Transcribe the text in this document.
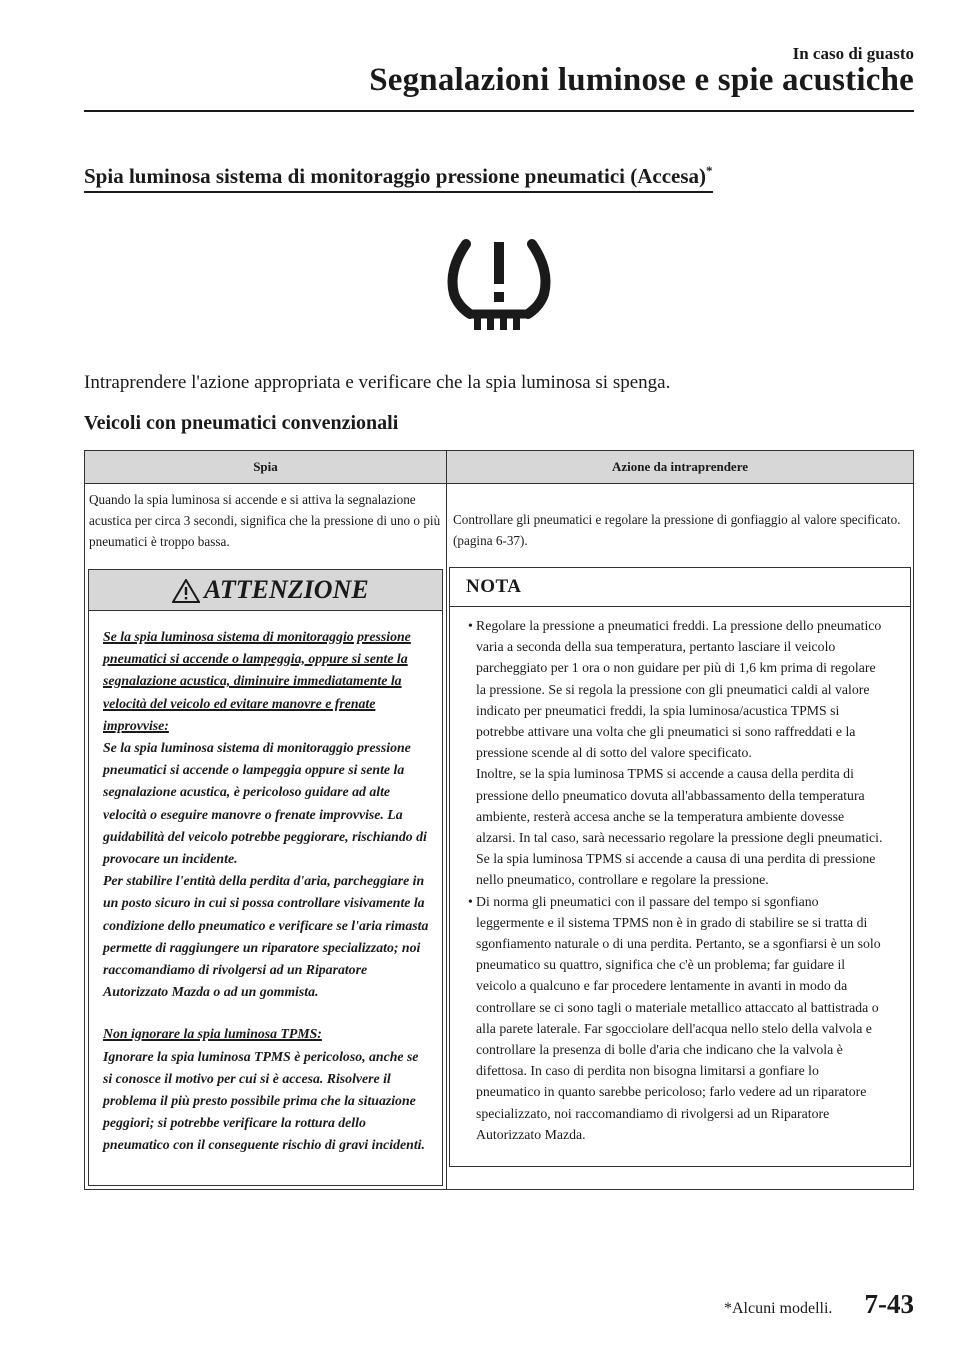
In caso di guasto
Segnalazioni luminose e spie acustiche
Spia luminosa sistema di monitoraggio pressione pneumatici (Accesa)*
Intraprendere l'azione appropriata e verificare che la spia luminosa si spenga.
Veicoli con pneumatici convenzionali
Spia	Azione da intraprendere
Quando la spia luminosa si accende e si attiva la segnalazione acustica per circa 3 secondi, significa che la pressione di uno o più pneumatici è troppo bassa.
Controllare gli pneumatici e regolare la pressione di gonfiaggio al valore specificato. (pagina 6-37).
ATTENZIONE
Se la spia luminosa sistema di monitoraggio pressione pneumatici si accende o lampeggia, oppure si sente la segnalazione acustica, diminuire immediatamente la velocità del veicolo ed evitare manovre e frenate improvvise:
Se la spia luminosa sistema di monitoraggio pressione pneumatici si accende o lampeggia oppure si sente la segnalazione acustica, è pericoloso guidare ad alte velocità o eseguire manovre o frenate improvvise. La guidabilità del veicolo potrebbe peggiorare, rischiando di provocare un incidente.
Per stabilire l'entità della perdita d'aria, parcheggiare in un posto sicuro in cui si possa controllare visivamente la condizione dello pneumatico e verificare se l'aria rimasta permette di raggiungere un riparatore specializzato; noi raccomandiamo di rivolgersi ad un Riparatore Autorizzato Mazda o ad un gommista.
Non ignorare la spia luminosa TPMS:
Ignorare la spia luminosa TPMS è pericoloso, anche se si conosce il motivo per cui si è accesa. Risolvere il problema il più presto possibile prima che la situazione peggiori; si potrebbe verificare la rottura dello pneumatico con il conseguente rischio di gravi incidenti.
NOTA
• Regolare la pressione a pneumatici freddi. La pressione dello pneumatico varia a seconda della sua temperatura, pertanto lasciare il veicolo parcheggiato per 1 ora o non guidare per più di 1,6 km prima di regolare la pressione. Se si regola la pressione con gli pneumatici caldi al valore indicato per pneumatici freddi, la spia luminosa/acustica TPMS si potrebbe attivare una volta che gli pneumatici si sono raffreddati e la pressione scende al di sotto del valore specificato.
Inoltre, se la spia luminosa TPMS si accende a causa della perdita di pressione dello pneumatico dovuta all'abbassamento della temperatura ambiente, resterà accesa anche se la temperatura ambiente dovesse alzarsi. In tal caso, sarà necessario regolare la pressione degli pneumatici. Se la spia luminosa TPMS si accende a causa di una perdita di pressione nello pneumatico, controllare e regolare la pressione.
• Di norma gli pneumatici con il passare del tempo si sgonfiano leggermente e il sistema TPMS non è in grado di stabilire se si tratta di sgonfiamento naturale o di una perdita. Pertanto, se a sgonfiarsi è un solo pneumatico su quattro, significa che c'è un problema; far guidare il veicolo a qualcuno e far procedere lentamente in avanti in modo da controllare se ci sono tagli o materiale metallico attaccato al battistrada o alla parete laterale. Far sgocciolare dell'acqua nello stelo della valvola e controllare la presenza di bolle d'aria che indicano che la valvola è difettosa. In caso di perdita non bisogna limitarsi a gonfiare lo pneumatico in quanto sarebbe pericoloso; farlo vedere ad un riparatore specializzato, noi raccomandiamo di rivolgersi ad un Riparatore Autorizzato Mazda.
*Alcuni modelli. 7-43
